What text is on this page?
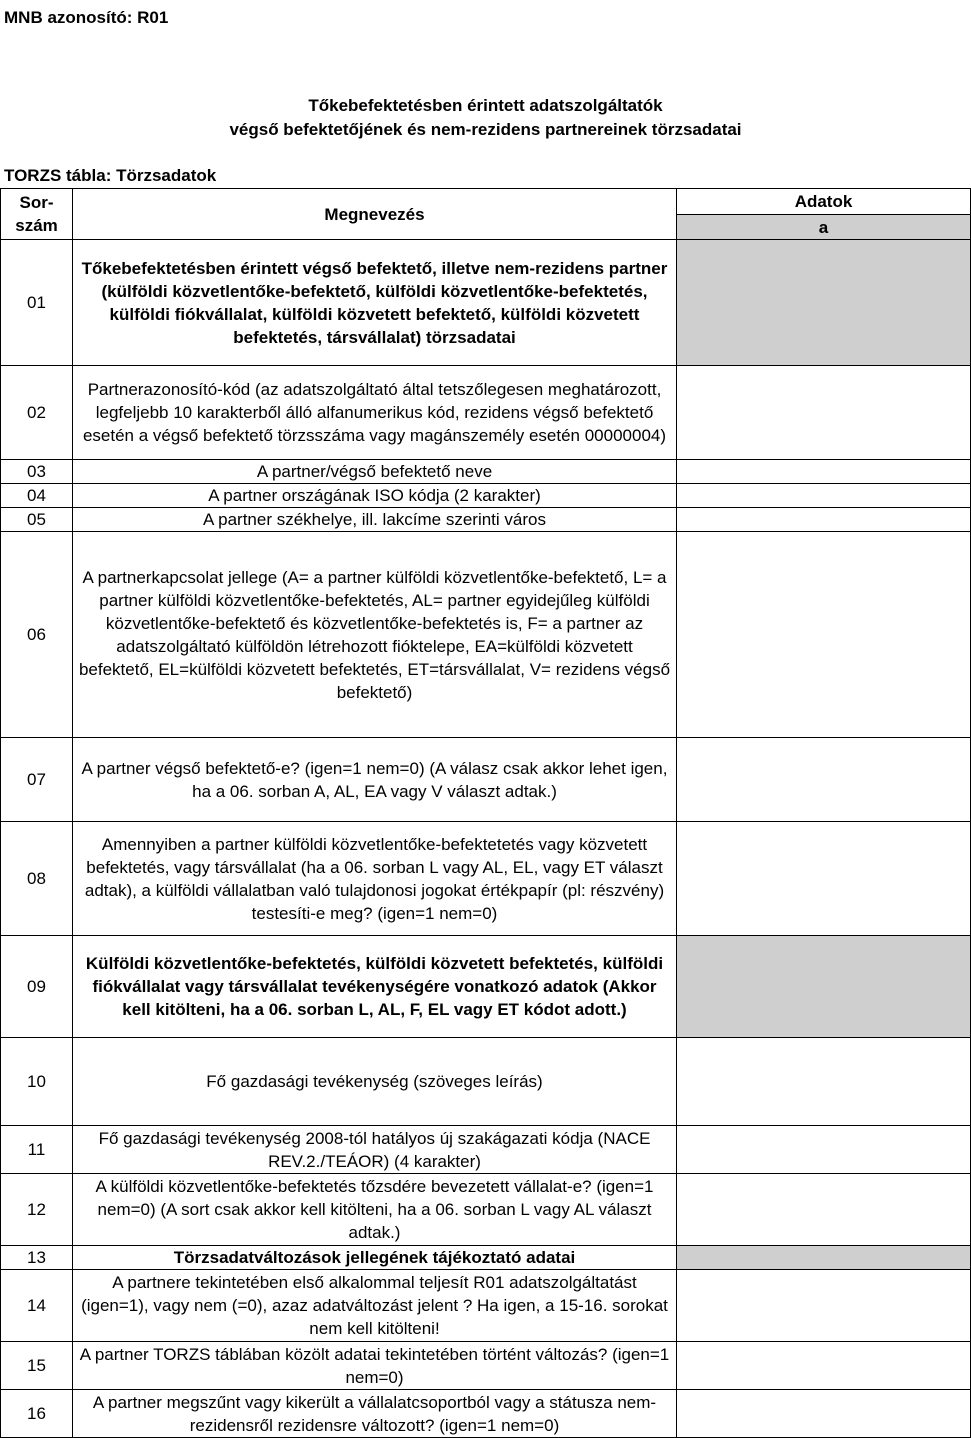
MNB azonosító: R01
Tőkebefektetésben érintett adatszolgáltatók
végső befektetőjének és nem-rezidens partnereinek törzsadatai
TORZS tábla: Törzsadatok
Sor-
szám	Megnevezés	Adatok
		a
01	Tőkebefektetésben érintett végső befektető, illetve nem-rezidens partner (külföldi közvetlentőke-befektető, külföldi közvetlentőke-befektetés, külföldi fiókvállalat, külföldi közvetett befektető, külföldi közvetett befektetés, társvállalat) törzsadatai	
02	Partnerazonosító-kód (az adatszolgáltató által tetszőlegesen meghatározott, legfeljebb 10 karakterből álló alfanumerikus kód, rezidens végső befektető esetén a végső befektető törzsszáma vagy magánszemély esetén 00000004)	
03	A partner/végső befektető neve	
04	A partner országának ISO kódja (2 karakter)	
05	A partner székhelye, ill. lakcíme szerinti város	
06	A partnerkapcsolat jellege (A= a partner külföldi közvetlentőke-befektető, L= a partner külföldi közvetlentőke-befektetés, AL= partner egyidejűleg külföldi közvetlentőke-befektető és közvetlentőke-befektetés is, F= a partner az adatszolgáltató külföldön létrehozott fióktelepe, EA=külföldi közvetett befektető, EL=külföldi közvetett befektetés, ET=társvállalat, V= rezidens végső befektető)	
07	A partner végső befektető-e? (igen=1 nem=0) (A válasz csak akkor lehet igen, ha a 06. sorban A, AL, EA vagy V választ adtak.)	
08	Amennyiben a partner külföldi közvetlentőke-befektetetés vagy közvetett befektetés, vagy társvállalat (ha a 06. sorban L vagy AL, EL, vagy ET választ adtak), a külföldi vállalatban való tulajdonosi jogokat értékpapír (pl: részvény) testesíti-e meg? (igen=1 nem=0)	
09	Külföldi közvetlentőke-befektetés, külföldi közvetett befektetés, külföldi fiókvállalat vagy társvállalat tevékenységére vonatkozó adatok (Akkor kell kitölteni, ha a 06. sorban L, AL, F, EL vagy ET kódot adott.)	
10	Fő gazdasági tevékenység (szöveges leírás)	
11	Fő gazdasági tevékenység 2008-tól hatályos új szakágazati kódja (NACE REV.2./TEÁOR) (4 karakter)	
12	A külföldi közvetlentőke-befektetés tőzsdére bevezetett vállalat-e? (igen=1 nem=0) (A sort csak akkor kell kitölteni, ha a 06. sorban L vagy AL választ adtak.)	
13	Törzsadatváltozások jellegének tájékoztató adatai	
14	A partnere tekintetében első alkalommal teljesít R01 adatszolgáltatást (igen=1), vagy nem (=0), azaz adatváltozást jelent ? Ha igen, a 15-16. sorokat nem kell kitölteni!	
15	A partner TORZS táblában közölt adatai tekintetében történt változás? (igen=1 nem=0)	
16	A partner megszűnt vagy kikerült a vállalatcsoportból vagy a státusza nem-rezidensről rezidensre változott? (igen=1 nem=0)	
